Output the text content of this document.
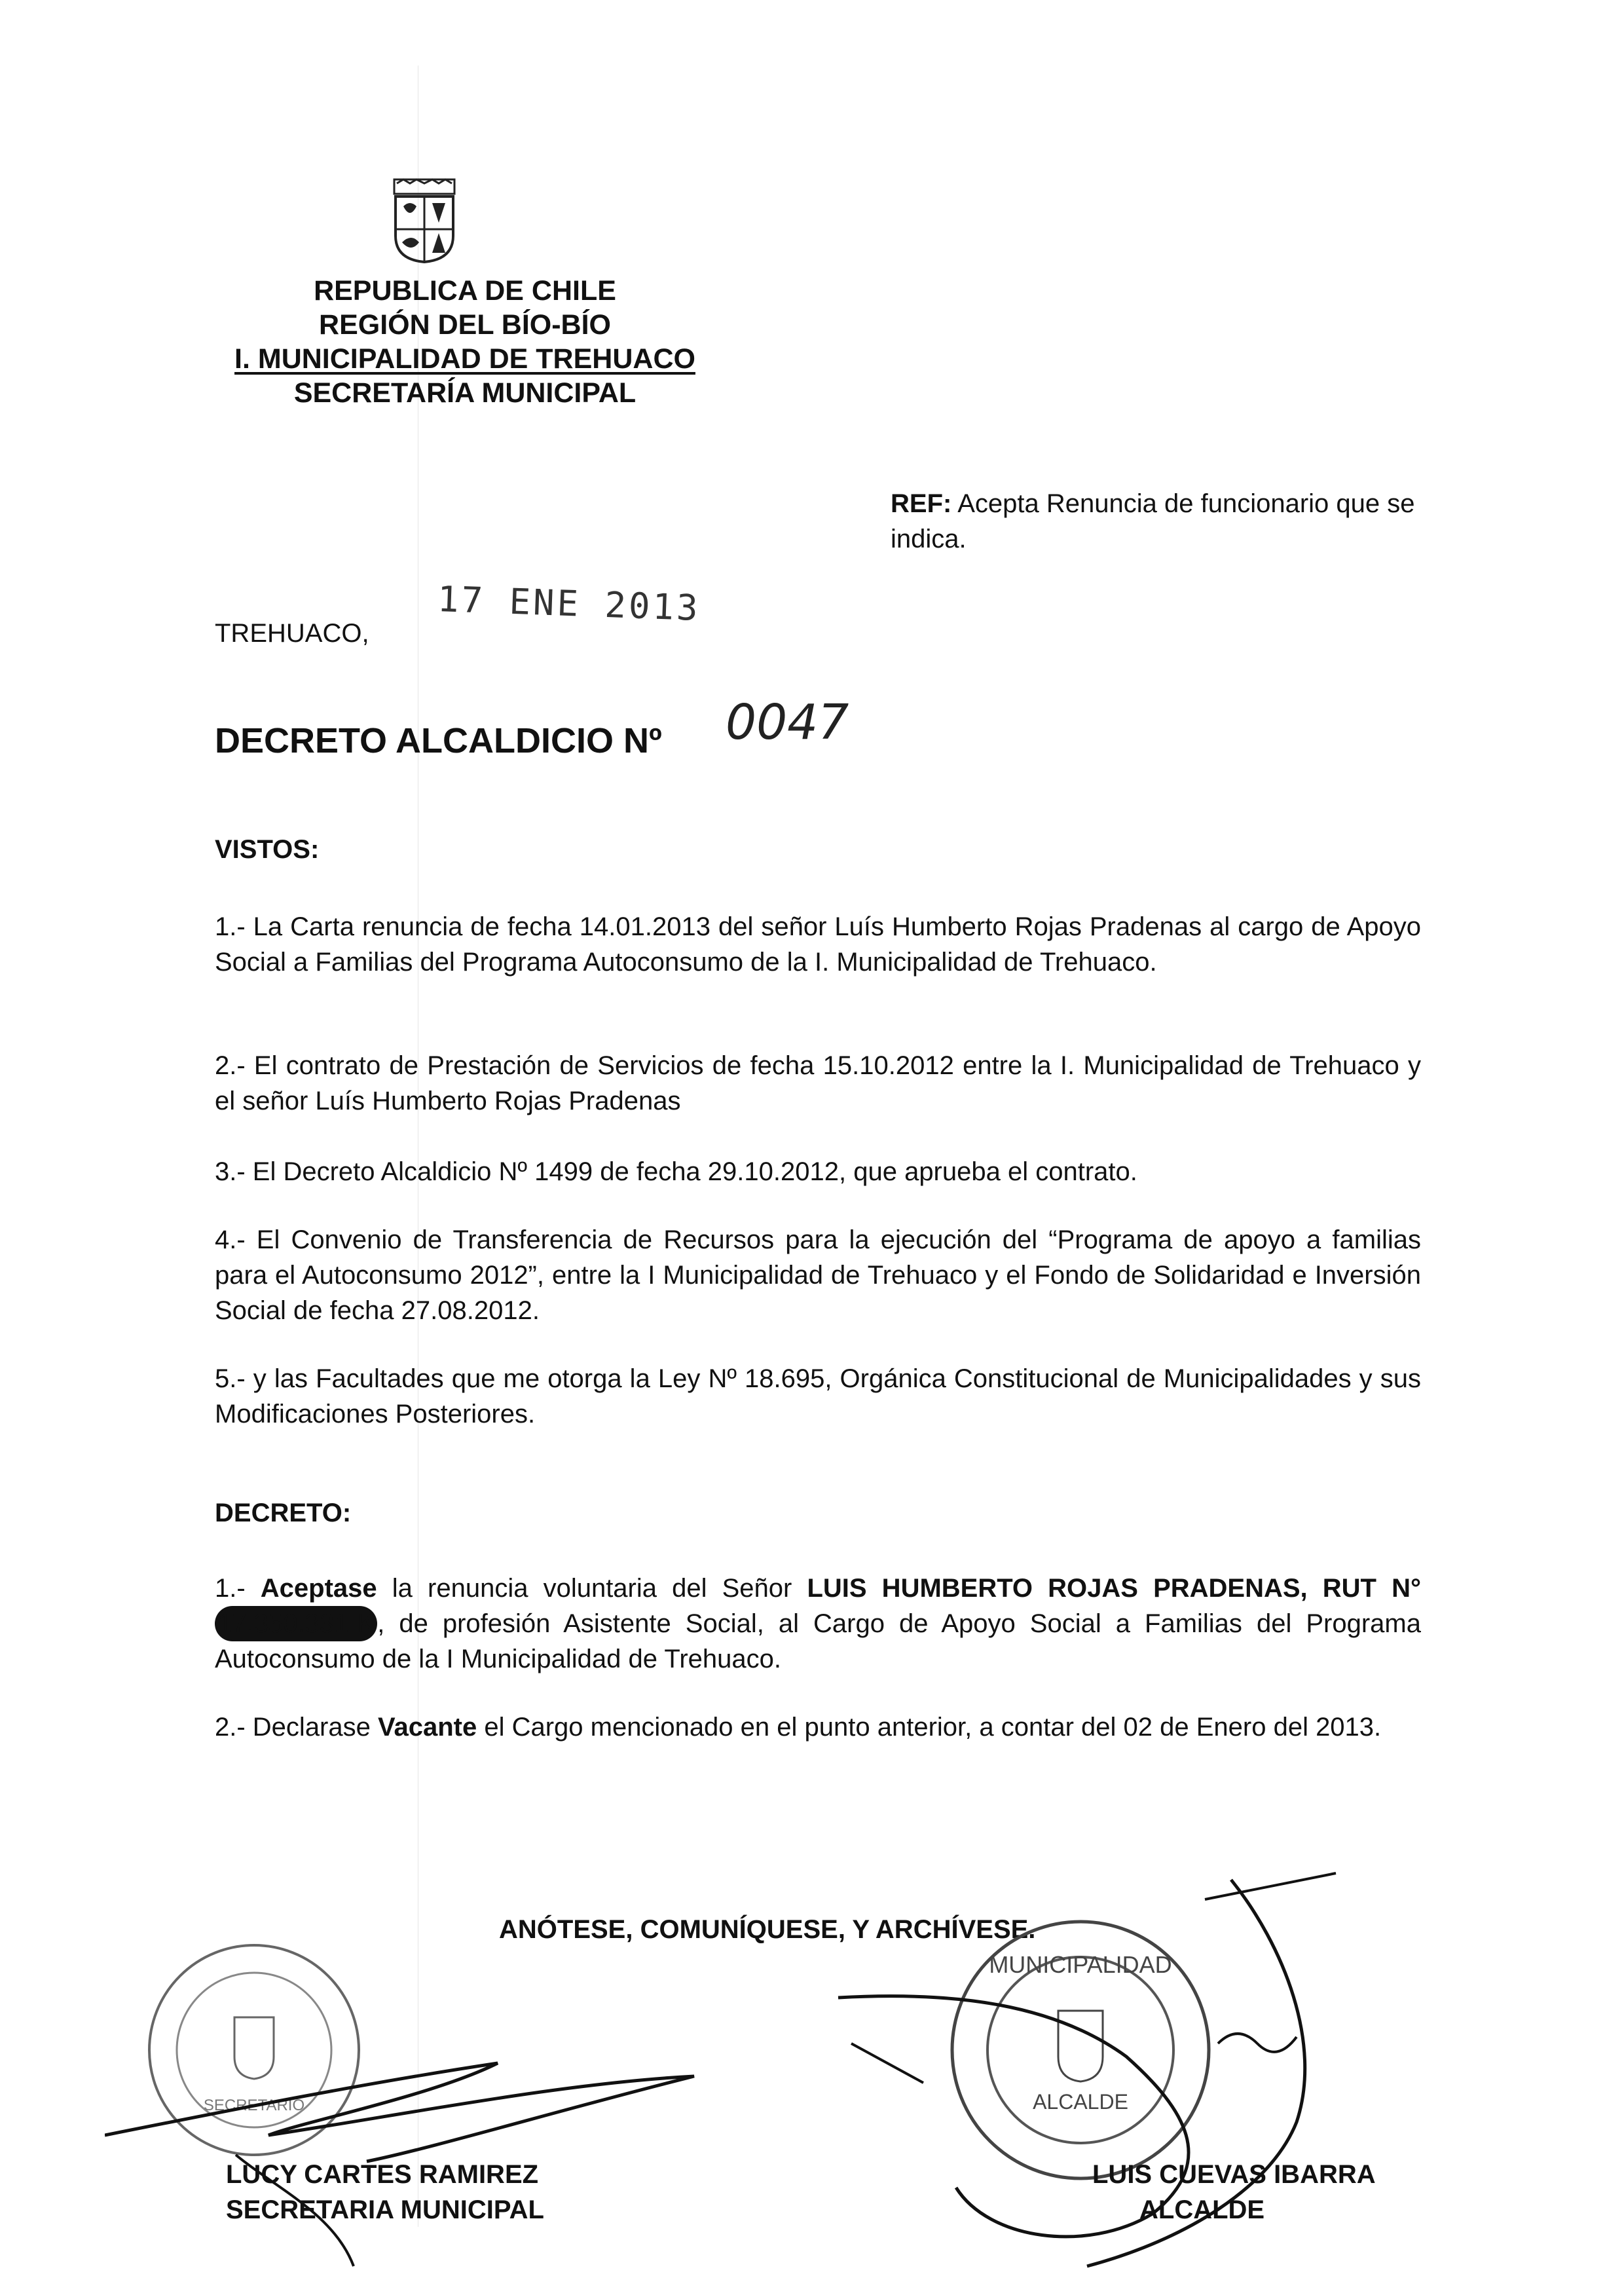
REPUBLICA DE CHILE
REGIÓN DEL BÍO-BÍO
I. MUNICIPALIDAD DE TREHUACO
SECRETARÍA MUNICIPAL
REF: Acepta Renuncia de funcionario que se indica.
TREHUACO,
17 ENE 2013
DECRETO ALCALDICIO Nº 0047
VISTOS:

1.- La Carta renuncia de fecha 14.01.2013 del señor Luís Humberto Rojas Pradenas al cargo de Apoyo Social a Familias del Programa Autoconsumo de la I. Municipalidad de Trehuaco.

2.- El contrato de Prestación de Servicios de fecha 15.10.2012 entre la I. Municipalidad de Trehuaco y el señor Luís Humberto Rojas Pradenas

3.- El Decreto Alcaldicio Nº 1499 de fecha 29.10.2012, que aprueba el contrato.

4.- El Convenio de Transferencia de Recursos para la ejecución del “Programa de apoyo a familias para el Autoconsumo 2012”, entre la I Municipalidad de Trehuaco y el Fondo de Solidaridad e Inversión Social de fecha 27.08.2012.

5.- y las Facultades que me otorga la Ley Nº 18.695, Orgánica Constitucional de Municipalidades y sus Modificaciones Posteriores.

DECRETO:

1.- Aceptase la renuncia voluntaria del Señor LUIS HUMBERTO ROJAS PRADENAS, RUT N° 17.350.331-K , de profesión Asistente Social, al Cargo de Apoyo Social a Familias del Programa Autoconsumo de la I Municipalidad de Trehuaco.

2.- Declarase Vacante el Cargo mencionado en el punto anterior, a contar del 02 de Enero del 2013.

ANÓTESE, COMUNÍQUESE, Y ARCHÍVESE.
SECRETARIO
MUNICIPALIDAD
ALCALDE
LUCY CARTES RAMIREZ
SECRETARIA MUNICIPAL
LUIS CUEVAS IBARRA
ALCALDE
